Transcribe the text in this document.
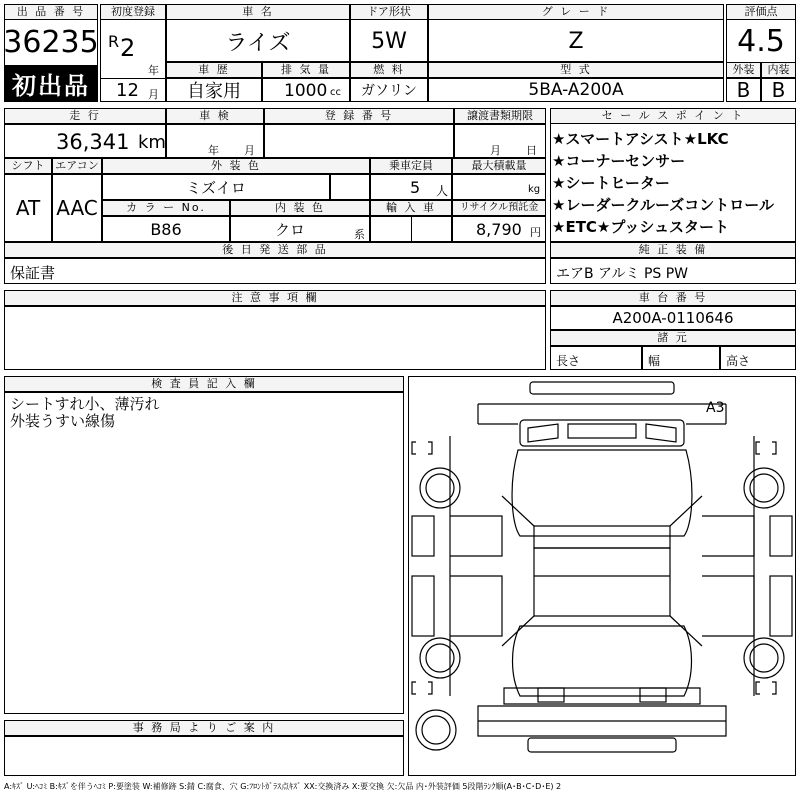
出 品 番 号
36235
初出品
初度登録
R 2
年
12 月
車 名
ライズ
ドア形状
5W
グ レ ー ド
Z
評価点
4.5
外装	内装
B	B
車 歴
自家用
排 気 量
1000 cc
燃 料
ガソリン
型 式
5BA-A200A
走 行
36,341 km
車 検
年 月
登 録 番 号	譲渡書類期限
月 日
セ ー ル ス ポ イ ン ト
★スマートアシスト★LKC
★コーナーセンサー
★シートヒーター
★レーダークルーズコントロール
★ETC★プッシュスタート
シフト
AT
エアコン
AAC
外 装 色
ミズイロ
乗車定員
5 人
最大積載量
kg
カ ラ ー No.
B86
内 装 色
クロ	系
輸 入 車	リサイクル預託金
8,790 円
後 日 発 送 部 品
保証書
純 正 装 備
エアB アルミ PS PW
注 意 事 項 欄	車 台 番 号
A200A-0110646
諸 元
長さ	幅	高さ
検 査 員 記 入 欄
シートすれ小、薄汚れ
外装うすい線傷
事 務 局 よ り ご 案 内
A3
A:ｷｽﾞ U:ﾍｺﾐ B:ｷｽﾞを伴うﾍｺﾐ P:要塗装 W:補修跡 S:錆 C:腐食、穴 G:ﾌﾛﾝﾄｶﾞﾗｽ点ｷｽﾞ XX:交換済み X:要交換 欠:欠品 内･外装評価 5段階ﾗﾝｸ順(A･B･C･D･E) 2
